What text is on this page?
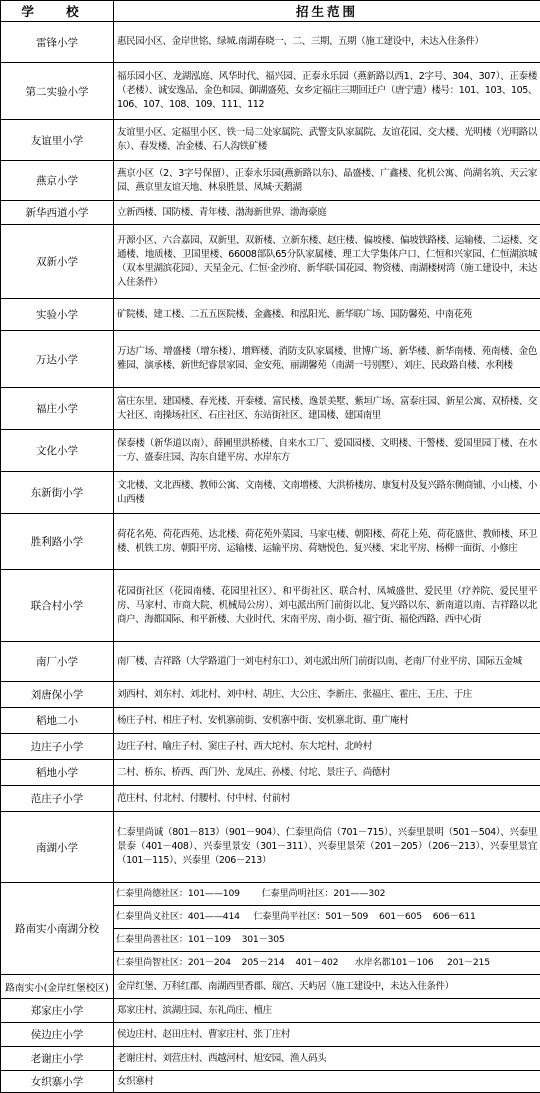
学 校	招生范围
雷锋小学	惠民园小区、金岸世铭、绿城.南湖春晓一、二、三期、五期（施工建设中，未达入住条件）
第二实验小学	福乐园小区、龙湖泓庭、风华时代、福兴园、正泰永乐园（燕新路以西1、2字号、304、307）、正泰楼（老楼）、诚安逸品、金色和园、御湖盛苑、女乡定福庄三期回迁户（唐宁遗）楼号：101、103、105、106、107、108、109、111、112
友谊里小学	友谊里小区、定福里小区、铁一局二处家属院、武警支队家属院、友谊花园、交大楼、光明楼（光明路以东）、春发楼、冶金楼、石人沟铁矿楼
燕京小学	燕京小区（2、3字号保留）、正泰永乐园(燕新路以东)、晶盛楼、广鑫楼、化机公寓、尚湖名筑、天云家园、燕京里友谊天地、林泉胜景、凤城·天鹅湖
新华西道小学	立新西楼、国防楼、青年楼、渤海新世界、渤海豪庭
双新小学	开源小区、六合嘉园、双新里、双新楼、立新东楼、赵庄楼、偏坡楼、偏坡铁路楼、运输楼、二运楼、交通楼、地质楼、卫国里楼、66008部队65分队家属楼、理工大学集体户口、仁恒和兴家园、仁恒湖滨城（双本里湖滨花园）、天星金元、仁恒·金沙府、新华联·国花园、物资楼、南湖楼树湾（施工建设中，未达入住条件）
实验小学	矿院楼、建工楼、二五五医院楼、金鑫楼、和泓阳光、新华联广场、国防馨苑、中南花苑
万达小学	万达广场、增盛楼（增东楼）、增辉楼、消防支队家属楼、世博广场、新华楼、新华南楼、苑南楼、金色雅园、演承楼、新世纪睿景家园、金安苑、丽湖馨苑（南湖一号别墅）、刘庄、民政路自楼、水利楼
福庄小学	富庄东里、建国楼、春光楼、开泰楼、富民楼、逸景美墅、紫垣广场、富泰庄园、新星公寓、双桥楼、交大社区、南操场社区、石庄社区、东站街社区、建国楼、建国南里
文化小学	保泰楼（新华道以南）、薛圃里洪桥楼、自来水工厂、爱国园楼、文明楼、干警楼、爱国里园丁楼、在水一方、盛泰庄园、沟东自建平房、水岸东方
东新街小学	文北楼、文北西楼、教师公寓、文南楼、文南增楼、大洪桥楼房、康复村及复兴路东侧商铺、小山楼、小山西楼
胜利路小学	荷花名苑、荷花西苑、达北楼、荷花苑外菜园、马家屯楼、朝阳楼、荷花上苑、荷花盛世、教师楼、环卫楼、机铁工房、朝阳平房、运输楼、运输平房、荷塘悦色、复兴楼、宋北平房、杨柳一面街、小修庄
联合村小学	花园街社区（花园南楼、花园里社区）、和平街社区、联合村、凤城盛世、爱民里（疗养院、爱民里平房、马家村、市商大院、机械局公房）、刘屯派出所门前街以北、复兴路以东、新南道以南、吉祥路以北商户、海都国际、和平新楼、大业时代、宋南平房、南小街、福宁街、福伦西路、西中心街
南厂小学	南厂楼、吉祥路（大学路道门一刘屯村东口）、刘屯派出所门前街以南、老南厂付业平房、国际五金城
刘唐保小学	刘西村、刘东村、刘北村、刘中村、胡庄、大公庄、李新庄、张福庄、霍庄、王庄、于庄
稻地二小	杨庄子村、相庄子村、安机寨前街、安机寨中街、安机寨北街、重广庵村
边庄子小学	边庄子村、喻庄子村、窦庄子村、西大坨村、东大坨村、北岭村
稻地小学	二村、桥东、桥西、西门外、龙凤庄、孙楼、付坨、景庄子、尚德村
范庄子小学	范庄村、付北村、付腰村、付中村、付前村
南湖小学	仁泰里尚诚（801－813）（901－904）、仁泰里尚信（701－715）、兴泰里景明（501－504）、兴泰里景泰（401－408）、兴泰里景安（301－311）、兴泰里景荣（201－205）（206－213）、兴泰里景宜（101－115）、兴泰里（206－213）
路南实小南湖分校	仁泰里尚德社区：101——109        仁泰里尚明社区：201——302
	仁泰里尚义社区：401——414     仁泰里尚平社区：501－509    601－605    606－611
	仁泰里尚善社区：101－109    301－305
	仁泰里尚智社区：201－204    205－214    401－402      水岸名都101－106     201－215
路南实小(金岸红堡校区)	金岸红堡、万科红郡、南湖西里香郡、瑞宫、天屿居（施工建设中，未达入住条件）
郑家庄小学	郑家庄村、滨湖庄园、东礼尚庄、檀庄
侯边庄小学	侯边庄村、赵田庄村、曹家庄村、张丁庄村
老谢庄小学	老谢庄村、刘营庄村、西越河村、旭安园、渔人码头
女织寨小学	女织寨村
